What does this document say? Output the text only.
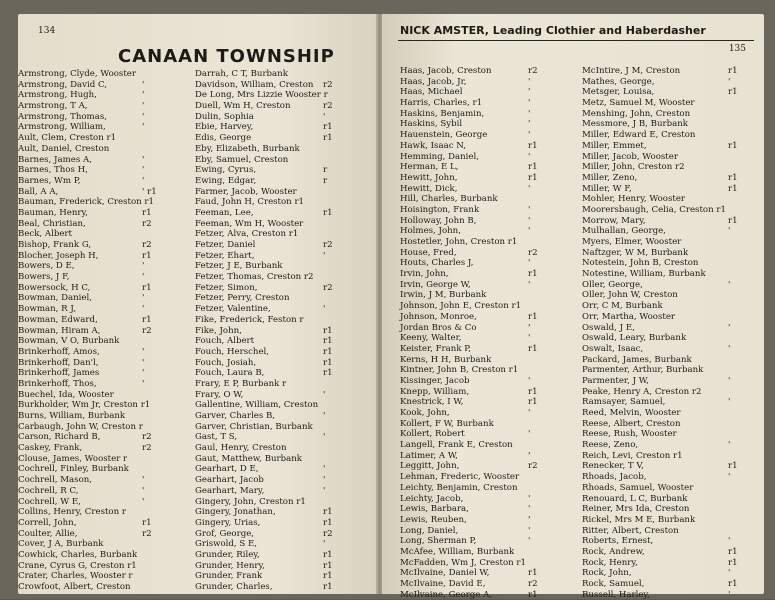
134
CANAAN TOWNSHIP
Armstrong, Clyde, Wooster
Armstrong, David C,	'
Armstrong, Hugh,	'
Armstrong, T A,	'
Armstrong, Thomas,	'
Armstrong, William,	'
Ault, Clem, Creston r1
Ault, Daniel, Creston
Barnes, James A,	'
Barnes, Thos H,	'
Barnes, Wm P,	'
Ball, A A,	' r1
Bauman, Frederick, Creston r1
Bauman, Henry,	r1
Beal, Christian,	r2
Beck, Albert
Bishop, Frank G,	r2
Blocher, Joseph H,	r1
Bowers, D E,	'
Bowers, J F,	'
Bowersock, H C,	r1
Bowman, Daniel,	'
Bowman, R J,	'
Bowman, Edward,	r1
Bowman, Hiram A,	r2
Bowman, V O, Burbank
Brinkerhoff, Amos,	'
Brinkerhoff, Dan'l,	'
Brinkerhoff, James	'
Brinkerhoff, Thos,	'
Buechel, Ida, Wooster
Burkholder, Wm Jr, Creston r1
Burns, William, Burbank
Carbaugh, John W, Creston r
Carson, Richard B,	r2
Caskey, Frank,	r2
Clouse, James, Wooster r
Cochrell, Finley, Burbank
Cochrell, Mason,	'
Cochrell, R C,	'
Cochrell, W E,	'
Collins, Henry, Creston r
Correll, John,	r1
Coulter, Allie,	r2
Cover, J A, Burbank
Cowhick, Charles, Burbank
Crane, Cyrus G, Creston r1
Crater, Charles, Wooster r
Crowfoot, Albert, Creston
Darrah, C T, Burbank
Davidson, William, Creston r2
De Long, Mrs Lizzie Wooster r
Duell, Wm H, Creston	r2
Dulin, Sophia	'
Ebie, Harvey,	r1
Edis, George	r1
Eby, Elizabeth, Burbank
Eby, Samuel, Creston
Ewing, Cyrus,	r
Ewing, Edgar,	r
Farmer, Jacob, Wooster
Faud, John H, Creston r1
Feeman, Lee,	r1
Feeman, Wm H, Wooster
Fetzer, Alva, Creston r1
Fetzer, Daniel	r2
Fetzer, Ehart,	'
Fetzer, J E, Burbank
Fetzer, Thomas, Creston r2
Fetzer, Simon,	r2
Fetzer, Perry, Creston
Fetzer, Valentine,	'
Fike, Frederick, Feston r
Fike, John,	r1
Fouch, Albert	r1
Fouch, Herschel,	r1
Fouch, Josiah,	r1
Fouch, Laura B,	r1
Frary, E P, Burbank r
Frary, O W,	'
Gallentine, William, Creston
Garver, Charles B,	'
Garver, Christian, Burbank
Gast, T S,	'
Gaul, Henry, Creston
Gaut, Matthew, Burbank
Gearhart, D E,	'
Gearhart, Jacob	'
Gearhart, Mary,	'
Gingery, John, Creston r1
Gingery, Jonathan,	r1
Gingery, Urias,	r1
Grof, George,	r2
Griswold, S E,	'
Grunder, Riley,	r1
Grunder, Henry,	r1
Grunder, Frank	r1
Grunder, Charles,	r1
NICK AMSTER, Leading Clothier and Haberdasher
135
Haas, Jacob, Creston	r2
Haas, Jacob, Jr,	'
Haas, Michael	'
Harris, Charles, r1	'
Haskins, Benjamin,	'
Haskins, Sybil	'
Hauenstein, George	'
Hawk, Isaac N,	r1
Hemming, Daniel,	'
Herman, E L,	r1
Hewitt, John,	r1
Hewitt, Dick,	'
Hill, Charles, Burbank
Hoisington, Frank	'
Holloway, John B,	'
Holmes, John,	'
Hostetler, John, Creston r1
House, Fred,	r2
Houts, Charles J,	'
Irvin, John,	r1
Irvin, George W,	'
Irwin, J M, Burbank
Johnson, John E, Creston r1
Johnson, Monroe,	r1
Jordan Bros & Co	'
Keeny, Walter,	'
Keister, Frank P,	r1
Kerns, H H, Burbank
Kintner, John B, Creston r1
Kissinger, Jacob	'
Knepp, William,	r1
Knestrick, I W,	r1
Kook, John,	'
Kollert, F W, Burbank
Kollert, Robert	'
Langell, Frank E, Creston
Latimer, A W,	'
Leggitt, John,	r2
Lehman, Frederic, Wooster
Leichty, Benjamin, Creston
Leichty, Jacob,	'
Lewis, Barbara,	'
Lewis, Reuben,	'
Long, Daniel,	'
Long, Sherman P,	'
McAfee, William, Burbank
McFadden, Wm J, Creston r1
McIlvaine, Daniel W,	r1
McIlvaine, David E,	r2
McIlvaine, George A,	r1
McIntire, J M, Creston	r1
Mathes, George,	'
Metsger, Louisa,	r1
Metz, Samuel M, Wooster
Menshing, John, Creston
Messmore, J B, Burbank
Miller, Edward E, Creston
Miller, Emmet,	r1
Miller, Jacob, Wooster
Miller, John, Creston r2
Miller, Zeno,	r1
Miller, W F,	r1
Mohler, Henry, Wooster
Moorersbaugh, Celia, Creston r1
Morrow, Mary,	r1
Mulhallan, George,	'
Myers, Elmer, Wooster
Naftzger, W M, Burbank
Notestein, John B, Creston
Notestine, William, Burbank
Oller, George,	'
Oller, John W, Creston
Orr, C M, Burbank
Orr, Martha, Wooster
Oswald, J E,	'
Oswald, Leary, Burbank
Oswalt, Isaac,	'
Packard, James, Burbank
Parmenter, Arthur, Burbank
Parmenter, J W,	'
Peake, Henry A, Creston r2
Ramsayer, Samuel,	'
Reed, Melvin, Wooster
Reese, Albert, Creston
Reese, Rush, Wooster
Reese, Zeno,	'
Reich, Levi, Creston r1
Renecker, T V,	r1
Rhoads, Jacob,	'
Rhoads, Samuel, Wooster
Renouard, L C, Burbank
Reiner, Mrs Ida, Creston
Rickel, Mrs M E, Burbank
Ritter, Albert, Creston
Roberts, Ernest,	'
Rock, Andrew,	r1
Rock, Henry,	r1
Rock, John,	'
Rock, Samuel,	r1
Russell, Harley,	'
